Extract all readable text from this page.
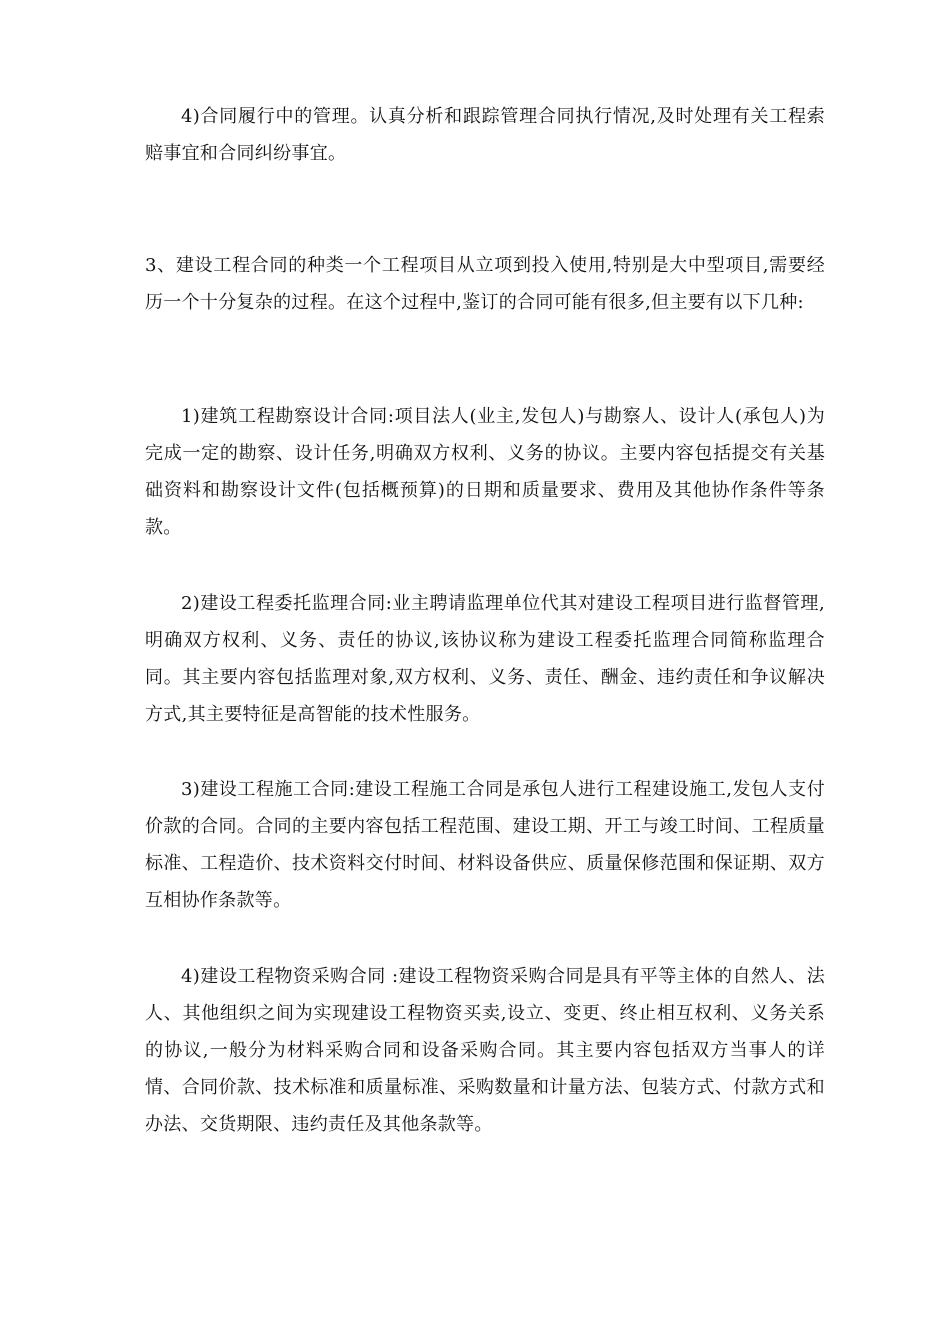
4)合同履行中的管理。认真分析和跟踪管理合同执行情况,及时处理有关工程索赔事宜和合同纠纷事宜。

3、建设工程合同的种类一个工程项目从立项到投入使用,特别是大中型项目,需要经历一个十分复杂的过程。在这个过程中,鉴订的合同可能有很多,但主要有以下几种:

1)建筑工程勘察设计合同:项目法人(业主,发包人)与勘察人、设计人(承包人)为完成一定的勘察、设计任务,明确双方权利、义务的协议。主要内容包括提交有关基础资料和勘察设计文件(包括概预算)的日期和质量要求、费用及其他协作条件等条款。

2)建设工程委托监理合同:业主聘请监理单位代其对建设工程项目进行监督管理,明确双方权利、义务、责任的协议,该协议称为建设工程委托监理合同简称监理合同。其主要内容包括监理对象,双方权利、义务、责任、酬金、违约责任和争议解决方式,其主要特征是高智能的技术性服务。

3)建设工程施工合同:建设工程施工合同是承包人进行工程建设施工,发包人支付价款的合同。合同的主要内容包括工程范围、建设工期、开工与竣工时间、工程质量标准、工程造价、技术资料交付时间、材料设备供应、质量保修范围和保证期、双方互相协作条款等。

4)建设工程物资采购合同 :建设工程物资采购合同是具有平等主体的自然人、法人、其他组织之间为实现建设工程物资买卖,设立、变更、终止相互权利、义务关系的协议,一般分为材料采购合同和设备采购合同。其主要内容包括双方当事人的详情、合同价款、技术标准和质量标准、采购数量和计量方法、包装方式、付款方式和办法、交货期限、违约责任及其他条款等。
